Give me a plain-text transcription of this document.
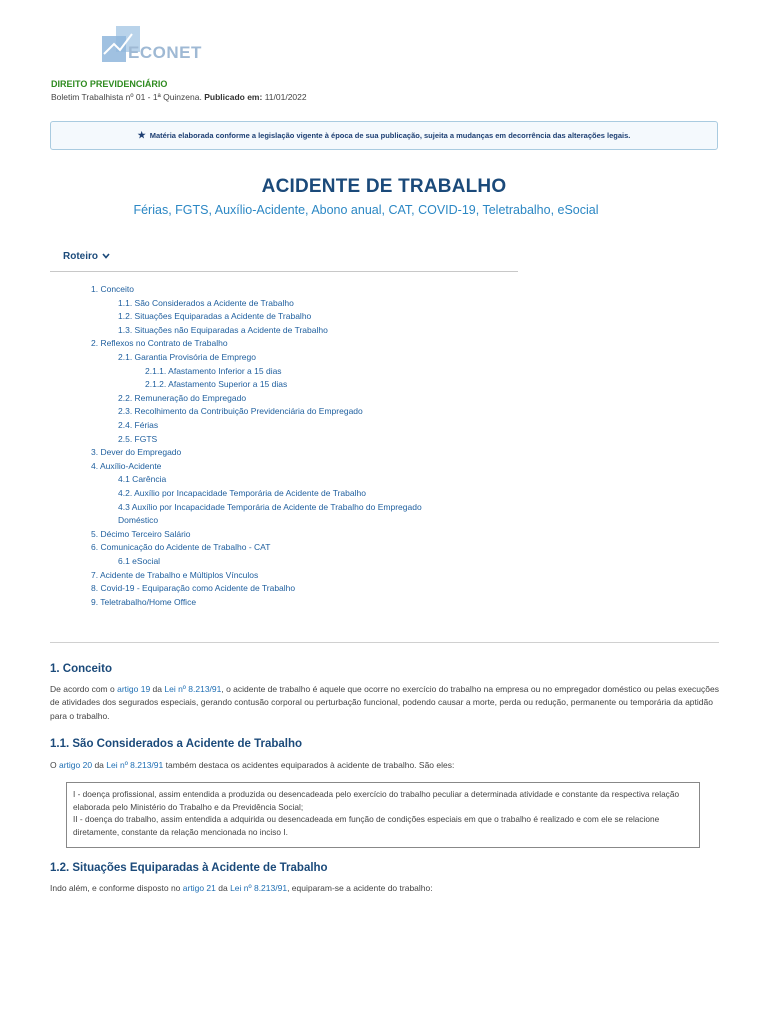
ECONET
DIREITO PREVIDENCIÁRIO
Boletim Trabalhista nº 01 - 1ª Quinzena. Publicado em: 11/01/2022
★ Matéria elaborada conforme a legislação vigente à época de sua publicação, sujeita a mudanças em decorrência das alterações legais.
ACIDENTE DE TRABALHO
Férias, FGTS, Auxílio-Acidente, Abono anual, CAT, COVID-19, Teletrabalho, eSocial
Roteiro
1. Conceito
1.1. São Considerados a Acidente de Trabalho
1.2. Situações Equiparadas a Acidente de Trabalho
1.3. Situações não Equiparadas a Acidente de Trabalho
2. Reflexos no Contrato de Trabalho
2.1. Garantia Provisória de Emprego
2.1.1. Afastamento Inferior a 15 dias
2.1.2. Afastamento Superior a 15 dias
2.2. Remuneração do Empregado
2.3. Recolhimento da Contribuição Previdenciária do Empregado
2.4. Férias
2.5. FGTS
3. Dever do Empregado
4. Auxílio-Acidente
4.1 Carência
4.2. Auxílio por Incapacidade Temporária de Acidente de Trabalho
4.3 Auxílio por Incapacidade Temporária de Acidente de Trabalho do Empregado
Doméstico
5. Décimo Terceiro Salário
6. Comunicação do Acidente de Trabalho - CAT
6.1 eSocial
7. Acidente de Trabalho e Múltiplos Vínculos
8. Covid-19 - Equiparação como Acidente de Trabalho
9. Teletrabalho/Home Office
1. Conceito
De acordo com o artigo 19 da Lei nº 8.213/91, o acidente de trabalho é aquele que ocorre no exercício do trabalho na empresa ou no empregador doméstico ou pelas execuções de atividades dos segurados especiais, gerando contusão corporal ou perturbação funcional, podendo causar a morte, perda ou redução, permanente ou temporária da aptidão para o trabalho.
1.1. São Considerados a Acidente de Trabalho
O artigo 20 da Lei nº 8.213/91 também destaca os acidentes equiparados à acidente de trabalho. São eles:
I - doença profissional, assim entendida a produzida ou desencadeada pelo exercício do trabalho peculiar a determinada atividade e constante da respectiva relação elaborada pelo Ministério do Trabalho e da Previdência Social;
II - doença do trabalho, assim entendida a adquirida ou desencadeada em função de condições especiais em que o trabalho é realizado e com ele se relacione diretamente, constante da relação mencionada no inciso I.
1.2. Situações Equiparadas à Acidente de Trabalho
Indo além, e conforme disposto no artigo 21 da Lei nº 8.213/91, equiparam-se a acidente do trabalho:
